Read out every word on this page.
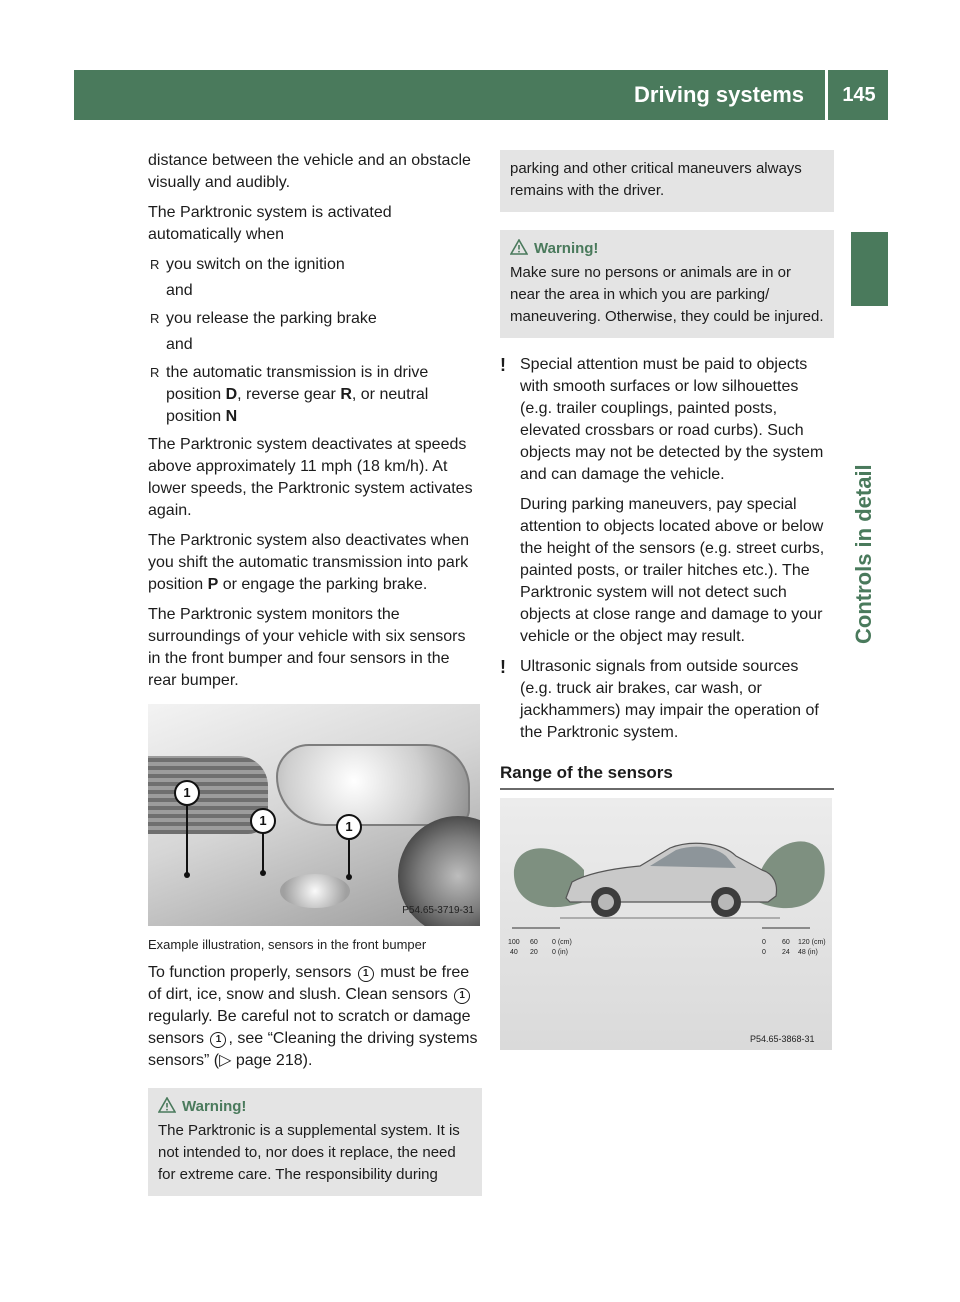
Driving systems	145
Controls in detail

distance between the vehicle and an obstacle visually and audibly.

The Parktronic system is activated automatically when

R you switch on the ignition
and
R you release the parking brake
and
R the automatic transmission is in drive position D, reverse gear R, or neutral position N

The Parktronic system deactivates at speeds above approximately 11 mph (18 km/h). At lower speeds, the Parktronic system activates again.

The Parktronic system also deactivates when you shift the automatic transmission into park position P or engage the parking brake.

The Parktronic system monitors the surroundings of your vehicle with six sensors in the front bumper and four sensors in the rear bumper.

1
1	1
P54.65-3719-31

Example illustration, sensors in the front bumper

To function properly, sensors 1 must be free of dirt, ice, snow and slush. Clean sensors 1 regularly. Be careful not to scratch or damage sensors 1 , see “Cleaning the driving systems sensors” (▷ page 218).

Warning!
The Parktronic is a supplemental system. It is not intended to, nor does it replace, the need for extreme care. The responsibility during
parking and other critical maneuvers always remains with the driver.
Warning!
Make sure no persons or animals are in or near the area in which you are parking/ maneuvering. Otherwise, they could be injured.
! Special attention must be paid to objects with smooth surfaces or low silhouettes (e.g. trailer couplings, painted posts, elevated crossbars or road curbs). Such objects may not be detected by the system and can damage the vehicle.

During parking maneuvers, pay special attention to objects located above or below the height of the sensors (e.g. street curbs, painted posts, or trailer hitches etc.). The Parktronic system will not detect such objects at close range and damage to your vehicle or the object may result.

! Ultrasonic signals from outside sources (e.g. truck air brakes, car wash, or jackhammers) may impair the operation of the Parktronic system.

Range of the sensors
100 60 0 (cm)
40 20 0 (in)
0 60 120 (cm)
0 24 48 (in)
P54.65-3868-31
